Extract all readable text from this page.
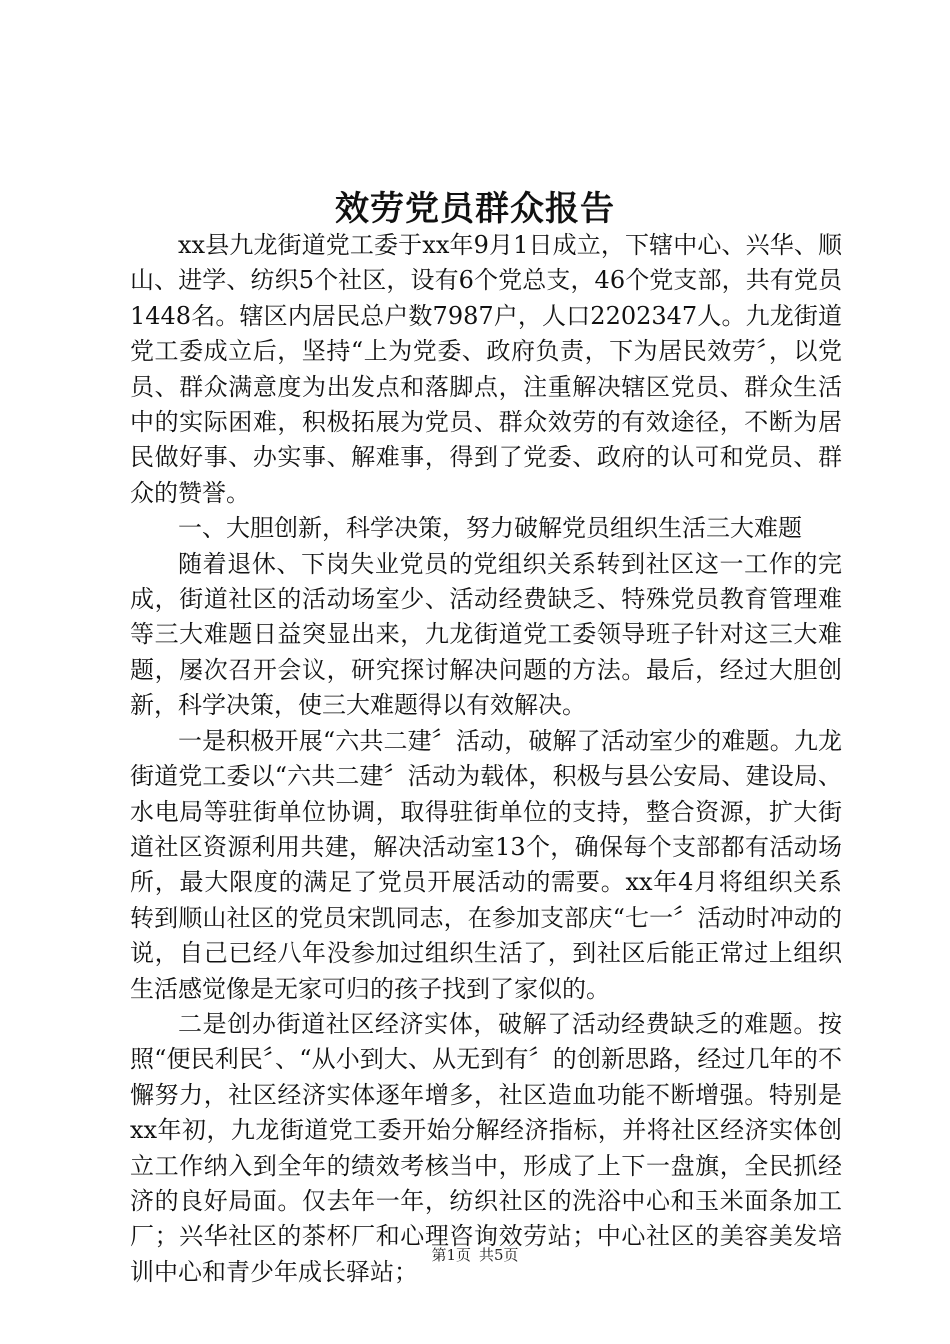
效劳党员群众报告

xx县九龙街道党工委于xx年9月1日成立，下辖中心、兴华、顺山、进学、纺织5个社区，设有6个党总支，46个党支部，共有党员1448名。辖区内居民总户数7987户，人口2202347人。九龙街道党工委成立后，坚持“上为党委、政府负责，下为居民效劳〞，以党员、群众满意度为出发点和落脚点，注重解决辖区党员、群众生活中的实际困难，积极拓展为党员、群众效劳的有效途径，不断为居民做好事、办实事、解难事，得到了党委、政府的认可和党员、群众的赞誉。

一、大胆创新，科学决策，努力破解党员组织生活三大难题

随着退休、下岗失业党员的党组织关系转到社区这一工作的完成，街道社区的活动场室少、活动经费缺乏、特殊党员教育管理难等三大难题日益突显出来，九龙街道党工委领导班子针对这三大难题，屡次召开会议，研究探讨解决问题的方法。最后，经过大胆创新，科学决策，使三大难题得以有效解决。

一是积极开展“六共二建〞活动，破解了活动室少的难题。九龙街道党工委以“六共二建〞活动为载体，积极与县公安局、建设局、水电局等驻街单位协调，取得驻街单位的支持，整合资源，扩大街道社区资源利用共建，解决活动室13个，确保每个支部都有活动场所，最大限度的满足了党员开展活动的需要。xx年4月将组织关系转到顺山社区的党员宋凯同志，在参加支部庆“七一〞活动时冲动的说，自己已经八年没参加过组织生活了，到社区后能正常过上组织生活感觉像是无家可归的孩子找到了家似的。

二是创办街道社区经济实体，破解了活动经费缺乏的难题。按照“便民利民〞、“从小到大、从无到有〞的创新思路，经过几年的不懈努力，社区经济实体逐年增多，社区造血功能不断增强。特别是xx年初，九龙街道党工委开始分解经济指标，并将社区经济实体创立工作纳入到全年的绩效考核当中，形成了上下一盘旗，全民抓经济的良好局面。仅去年一年，纺织社区的洗浴中心和玉米面条加工厂；兴华社区的茶杯厂和心理咨询效劳站；中心社区的美容美发培训中心和青少年成长驿站；

第1页 共5页
